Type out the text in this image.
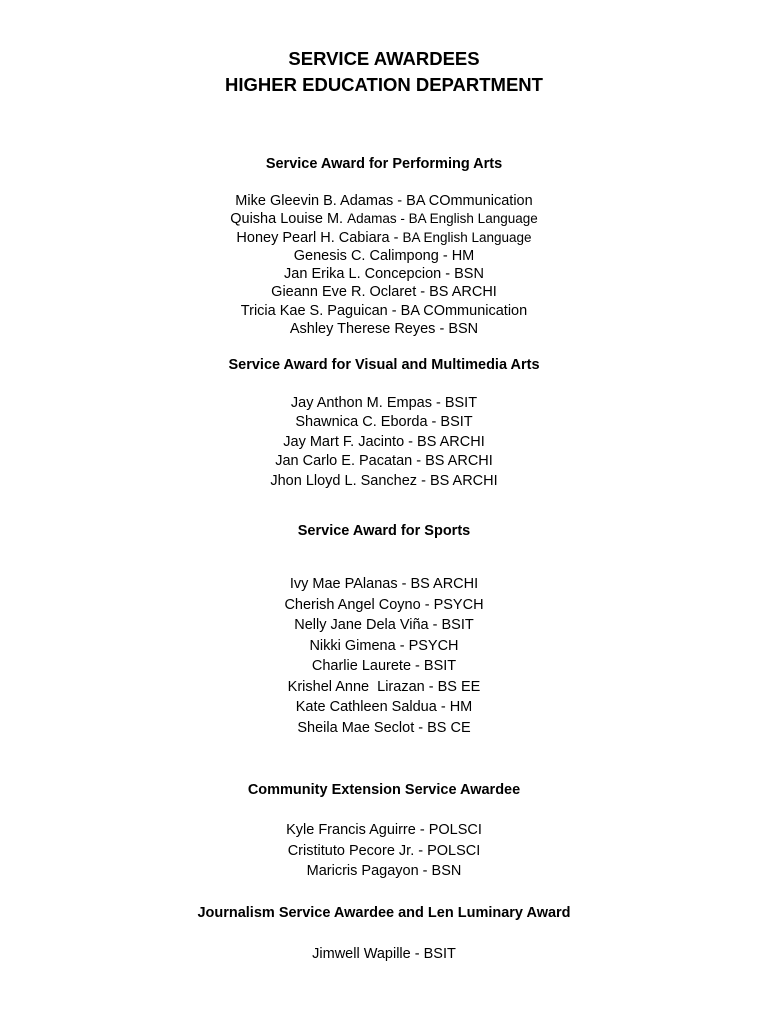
SERVICE AWARDEES

HIGHER EDUCATION DEPARTMENT

Service Award for Performing Arts

Mike Gleevin B. Adamas - BA COmmunication
Quisha Louise M. Adamas - BA English Language
Honey Pearl H. Cabiara - BA English Language
Genesis C. Calimpong - HM
Jan Erika L. Concepcion - BSN
Gieann Eve R. Oclaret - BS ARCHI
Tricia Kae S. Paguican - BA COmmunication
Ashley Therese Reyes - BSN

Service Award for Visual and Multimedia Arts

Jay Anthon M. Empas - BSIT
Shawnica C. Eborda - BSIT
Jay Mart F. Jacinto - BS ARCHI
Jan Carlo E. Pacatan - BS ARCHI
Jhon Lloyd L. Sanchez - BS ARCHI

Service Award for Sports

Ivy Mae PAlanas - BS ARCHI
Cherish Angel Coyno - PSYCH
Nelly Jane Dela Viña - BSIT
Nikki Gimena - PSYCH
Charlie Laurete - BSIT
Krishel Anne  Lirazan - BS EE
Kate Cathleen Saldua - HM
Sheila Mae Seclot - BS CE

Community Extension Service Awardee

Kyle Francis Aguirre - POLSCI
Cristituto Pecore Jr. - POLSCI
Maricris Pagayon - BSN

Journalism Service Awardee and Len Luminary Award

Jimwell Wapille - BSIT
